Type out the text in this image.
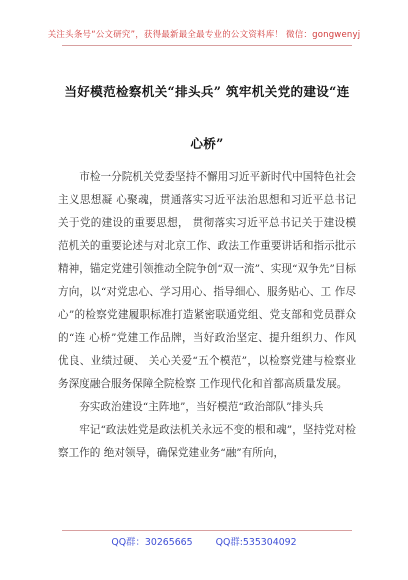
关注头条号“公文研究”，获得最新最全最专业的公文资料库！ 微信：gongwenyj
当好模范检察机关“排头兵” 筑牢机关党的建设“连心桥”

市检一分院机关党委坚持不懈用习近平新时代中国特色社会主义思想凝 心聚魂，贯通落实习近平法治思想和习近平总书记关于党的建设的重要思想， 贯彻落实习近平总书记关于建设模范机关的重要论述与对北京工作、政法工作重要讲话和指示批示精神，锚定党建引领推动全院争创“双一流”、实现“双争先”目标方向，以“对党忠心、学习用心、指导细心、服务贴心、工 作尽心”的检察党建履职标准打造紧密联通党组、党支部和党员群众的“连 心桥”党建工作品牌，当好政治坚定、提升组织力、作风优良、业绩过硬、 关心关爱“五个模范”，以检察党建与检察业务深度融合服务保障全院检察 工作现代化和首都高质量发展。

夯实政治建设“主阵地”，当好模范“政治部队”排头兵

牢记“政法姓党是政法机关永远不变的根和魂”，坚持党对检察工作的 绝对领导，确保党建业务“融”有所向，

QQ群：30265665 QQ群:535304092
